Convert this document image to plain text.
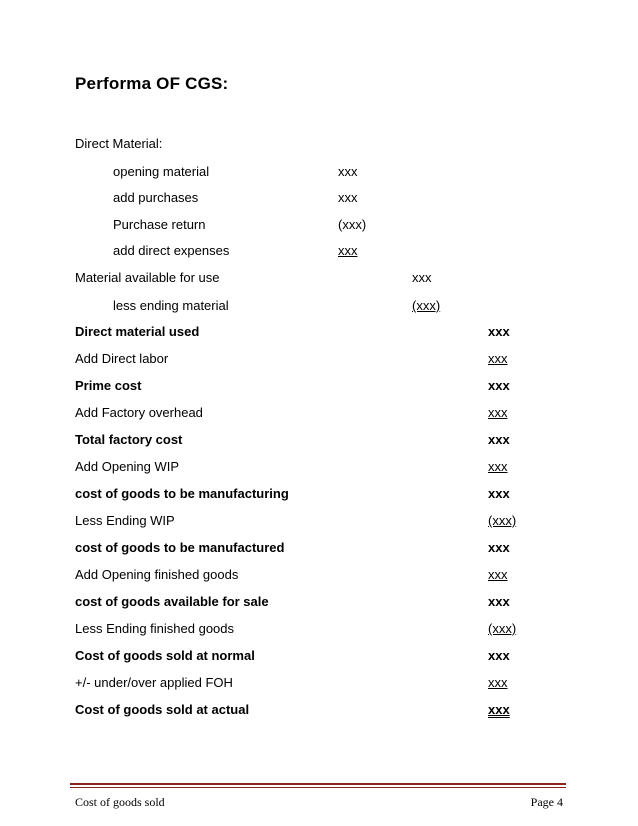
Performa OF CGS:
Direct Material:
opening material	xxx
add purchases	xxx
Purchase return	(xxx)
add direct expenses	xxx
Material available for use	xxx
less ending material	(xxx)
Direct material used	xxx
Add Direct labor	xxx
Prime cost	xxx
Add Factory overhead	xxx
Total factory cost	xxx
Add Opening WIP	xxx
cost of goods to be manufacturing	xxx
Less Ending WIP	(xxx)
cost of goods to be manufactured	xxx
Add Opening finished goods	xxx
cost of goods available for sale	xxx
Less Ending finished goods	(xxx)
Cost of goods sold at normal	xxx
+/- under/over applied FOH	xxx
Cost of goods sold at actual	xxx
Cost of goods sold	Page 4
